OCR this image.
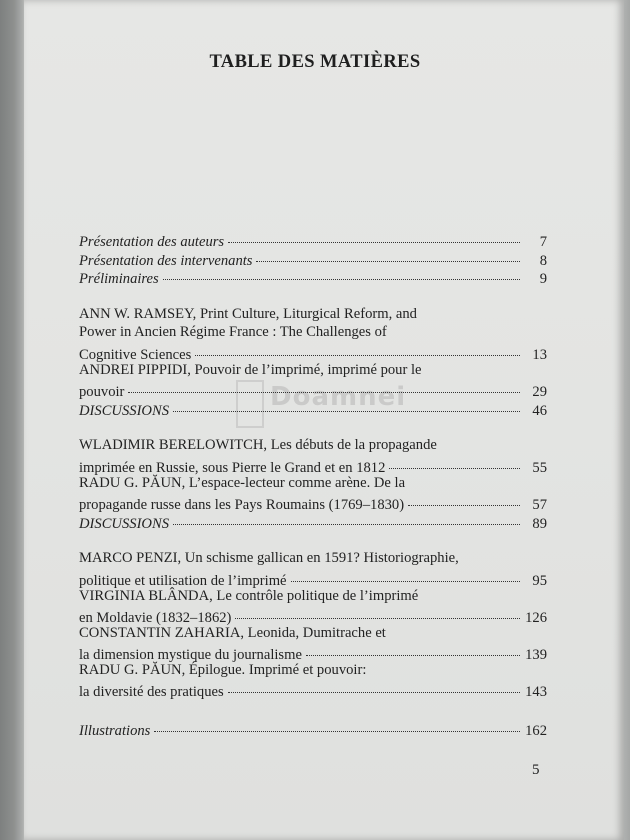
TABLE DES MATIÈRES
Doamnei
Présentation des auteurs	7
Présentation des intervenants	8
Préliminaires	9
ANN W. RAMSEY, Print Culture, Liturgical Reform, and
Power in Ancien Régime France : The Challenges of
Cognitive Sciences	13
ANDREI PIPPIDI, Pouvoir de l’imprimé, imprimé pour le
pouvoir	29
DISCUSSIONS	46
WLADIMIR BERELOWITCH, Les débuts de la propagande
imprimée en Russie, sous Pierre le Grand et en 1812	55
RADU G. PĂUN, L’espace-lecteur comme arène. De la
propagande russe dans les Pays Roumains (1769–1830)	57
DISCUSSIONS	89
MARCO PENZI, Un schisme gallican en 1591? Historiographie,
politique et utilisation de l’imprimé	95
VIRGINIA BLÂNDA, Le contrôle politique de l’imprimé
en Moldavie (1832–1862)	126
CONSTANTIN ZAHARIA, Leonida, Dumitrache et
la dimension mystique du journalisme	139
RADU G. PĂUN, Épilogue. Imprimé et pouvoir:
la diversité des pratiques	143
Illustrations	162
5
